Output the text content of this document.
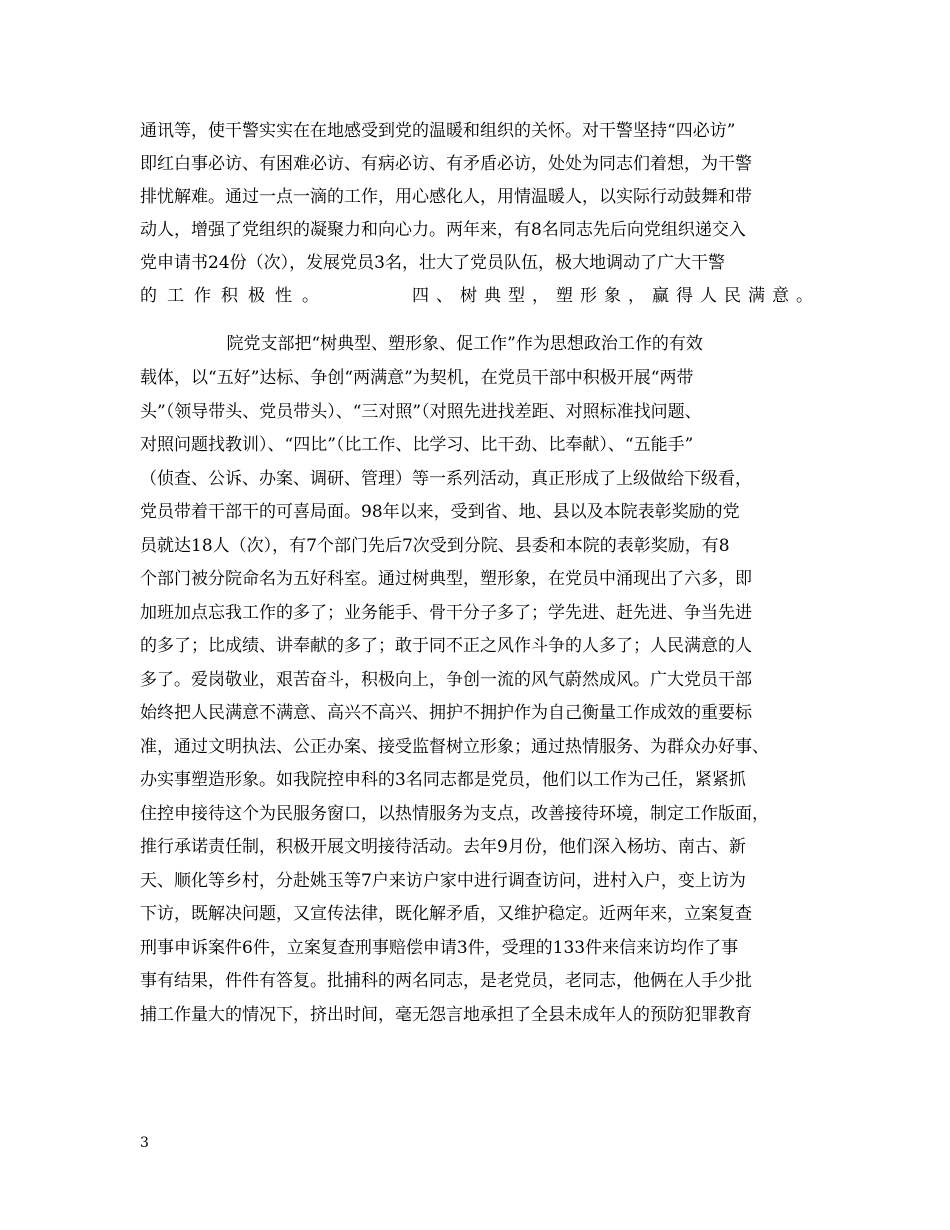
通讯等，使干警实实在在地感受到党的温暖和组织的关怀。对干警坚持“四必访”
即红白事必访、有困难必访、有病必访、有矛盾必访，处处为同志们着想，为干警
排忧解难。通过一点一滴的工作，用心感化人，用情温暖人，以实际行动鼓舞和带
动人，增强了党组织的凝聚力和向心力。两年来，有8名同志先后向党组织递交入
党申请书24份（次），发展党员3名，壮大了党员队伍，极大地调动了广大干警
的工作积极性。	四、树典型，塑形象，赢得人民满意。
院党支部把“树典型、塑形象、促工作”作为思想政治工作的有效
载体，以“五好”达标、争创“两满意”为契机，在党员干部中积极开展“两带
头”（领导带头、党员带头）、“三对照”（对照先进找差距、对照标准找问题、
对照问题找教训）、“四比”（比工作、比学习、比干劲、比奉献）、“五能手”
（侦查、公诉、办案、调研、管理）等一系列活动，真正形成了上级做给下级看，
党员带着干部干的可喜局面。98年以来，受到省、地、县以及本院表彰奖励的党
员就达18人（次），有7个部门先后7次受到分院、县委和本院的表彰奖励，有8
个部门被分院命名为五好科室。通过树典型，塑形象，在党员中涌现出了六多，即
加班加点忘我工作的多了；业务能手、骨干分子多了；学先进、赶先进、争当先进
的多了；比成绩、讲奉献的多了；敢于同不正之风作斗争的人多了；人民满意的人
多了。爱岗敬业，艰苦奋斗，积极向上，争创一流的风气蔚然成风。广大党员干部
始终把人民满意不满意、高兴不高兴、拥护不拥护作为自己衡量工作成效的重要标
准，通过文明执法、公正办案、接受监督树立形象；通过热情服务、为群众办好事、
办实事塑造形象。如我院控申科的3名同志都是党员，他们以工作为己任，紧紧抓
住控申接待这个为民服务窗口，以热情服务为支点，改善接待环境，制定工作版面，
推行承诺责任制，积极开展文明接待活动。去年9月份，他们深入杨坊、南古、新
天、顺化等乡村，分赴姚玉等7户来访户家中进行调查访问，进村入户，变上访为
下访，既解决问题，又宣传法律，既化解矛盾，又维护稳定。近两年来，立案复查
刑事申诉案件6件，立案复查刑事赔偿申请3件，受理的133件来信来访均作了事
事有结果，件件有答复。批捕科的两名同志，是老党员，老同志，他俩在人手少批
捕工作量大的情况下，挤出时间，毫无怨言地承担了全县未成年人的预防犯罪教育
3
